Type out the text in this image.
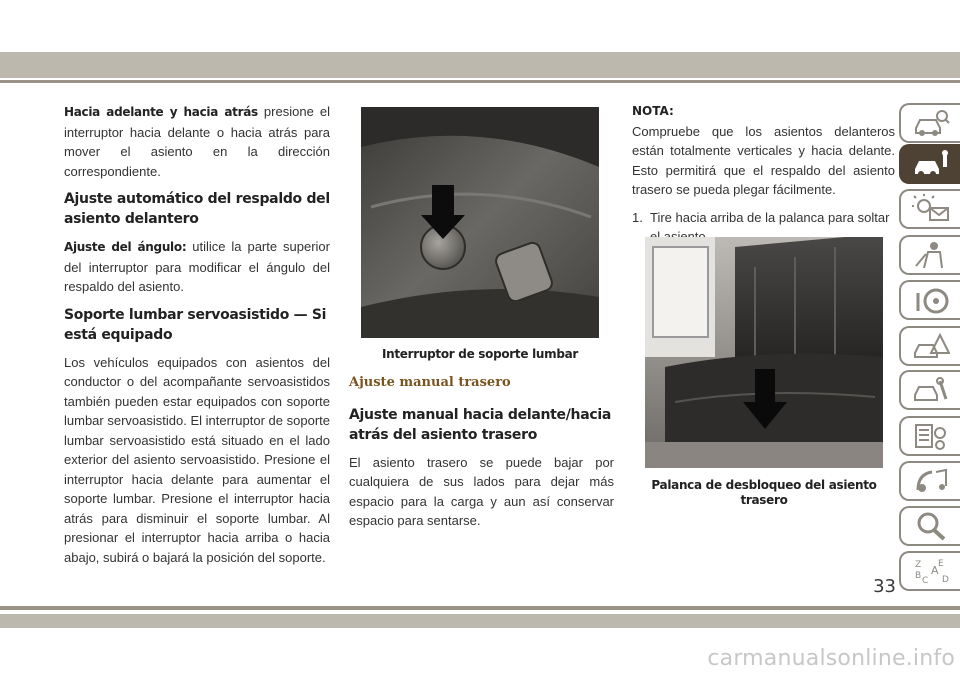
Hacia adelante y hacia atrás presione el interruptor hacia delante o hacia atrás para mover el asiento en la dirección correspondiente.

Ajuste automático del respaldo del asiento delantero

Ajuste del ángulo: utilice la parte superior del interruptor para modificar el ángulo del respaldo del asiento.

Soporte lumbar servoasistido — Si está equipado

Los vehículos equipados con asientos del conductor o del acompañante servoasistidos también pueden estar equipados con soporte lumbar servoasistido. El interruptor de soporte lumbar servoasistido está situado en el lado exterior del asiento servoasistido. Presione el interruptor hacia delante para aumentar el soporte lumbar. Presione el interruptor hacia atrás para disminuir el soporte lumbar. Al presionar el interruptor hacia arriba o hacia abajo, subirá o bajará la posición del soporte.

Interruptor de soporte lumbar
Ajuste manual trasero
Ajuste manual hacia delante/hacia atrás del asiento trasero

El asiento trasero se puede bajar por cualquiera de sus lados para dejar más espacio para la carga y aun así conservar espacio para sentarse.

NOTA:

Compruebe que los asientos delanteros están totalmente verticales y hacia delante. Esto permitirá que el respaldo del asiento trasero se pueda plegar fácilmente.

1. Tire hacia arriba de la palanca para soltar
Palanca de desbloqueo del asiento trasero
Z E
A
B C D
33
carmanualsonline.info
